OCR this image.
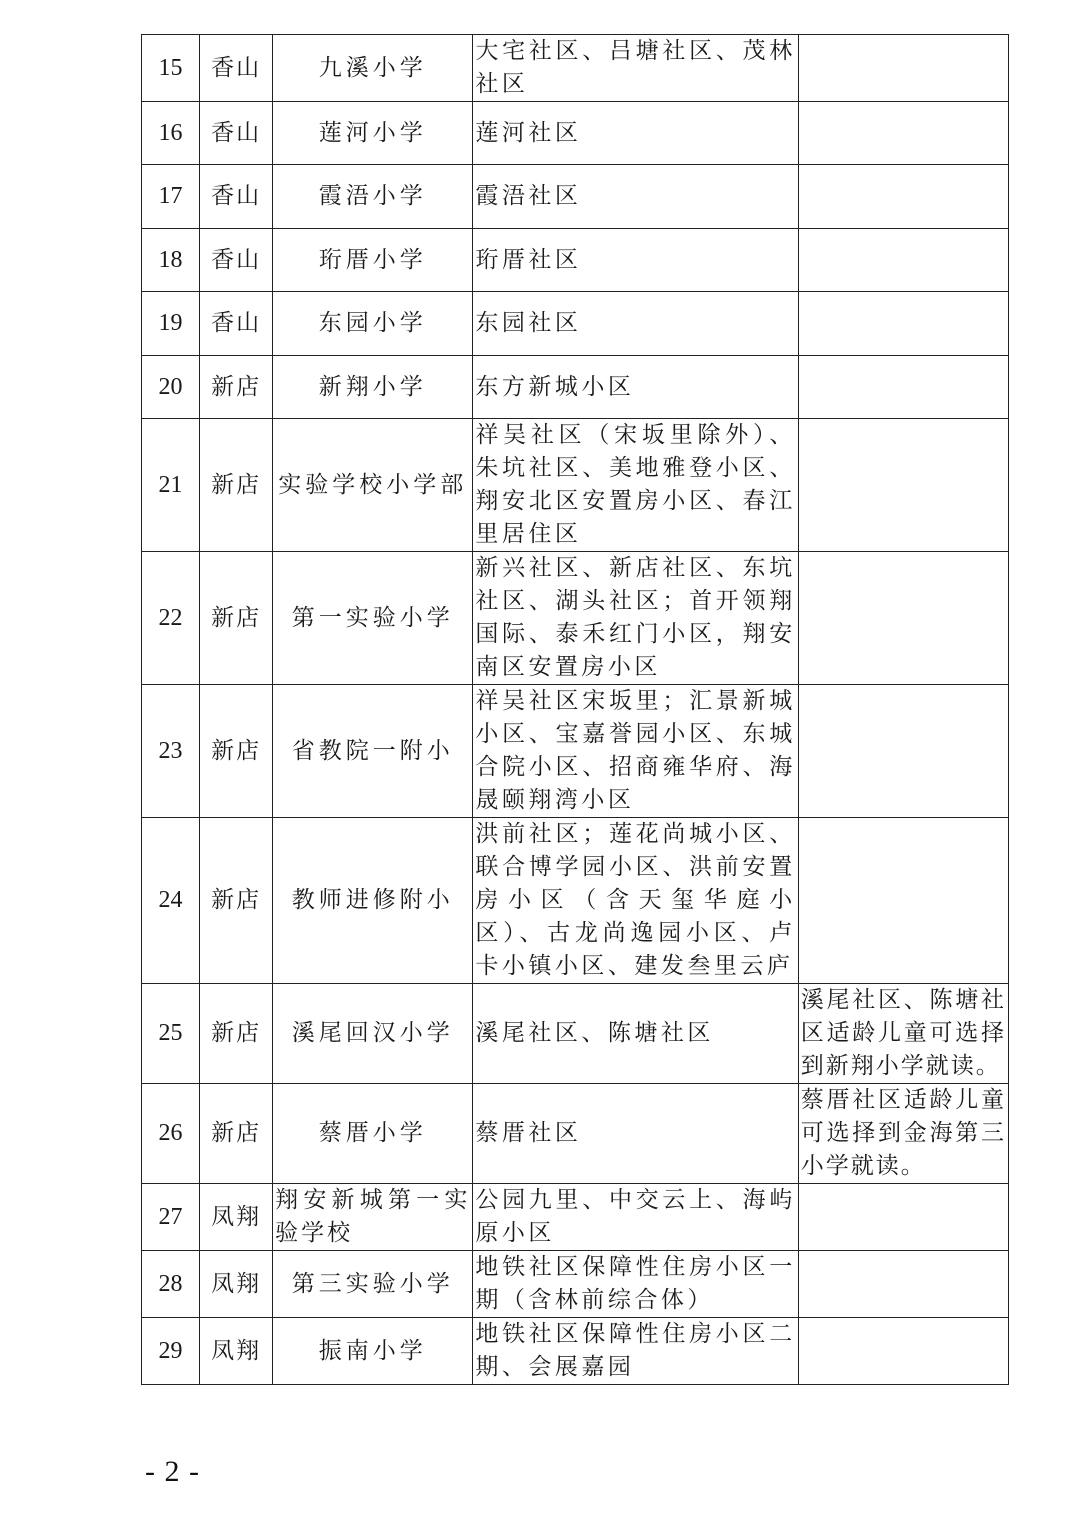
15	香山	九溪小学	大宅社区、吕塘社区、茂林社区	
16	香山	莲河小学	莲河社区	
17	香山	霞浯小学	霞浯社区	
18	香山	珩厝小学	珩厝社区	
19	香山	东园小学	东园社区	
20	新店	新翔小学	东方新城小区	
21	新店	实验学校小学部	祥吴社区（宋坂里除外）、朱坑社区、美地雅登小区、翔安北区安置房小区、春江里居住区	
22	新店	第一实验小学	新兴社区、新店社区、东坑社区、湖头社区；首开领翔国际、泰禾红门小区，翔安南区安置房小区	
23	新店	省教院一附小	祥吴社区宋坂里；汇景新城小区、宝嘉誉园小区、东城合院小区、招商雍华府、海晟颐翔湾小区	
24	新店	教师进修附小	洪前社区；莲花尚城小区、联合博学园小区、洪前安置房小区（含天玺华庭小区）、古龙尚逸园小区、卢卡小镇小区、建发叁里云庐	
25	新店	溪尾回汉小学	溪尾社区、陈塘社区	溪尾社区、陈塘社区适龄儿童可选择到新翔小学就读。
26	新店	蔡厝小学	蔡厝社区	蔡厝社区适龄儿童可选择到金海第三小学就读。
27	凤翔	翔安新城第一实验学校	公园九里、中交云上、海屿原小区	
28	凤翔	第三实验小学	地铁社区保障性住房小区一期（含林前综合体）	
29	凤翔	振南小学	地铁社区保障性住房小区二期、会展嘉园	
- 2 -
